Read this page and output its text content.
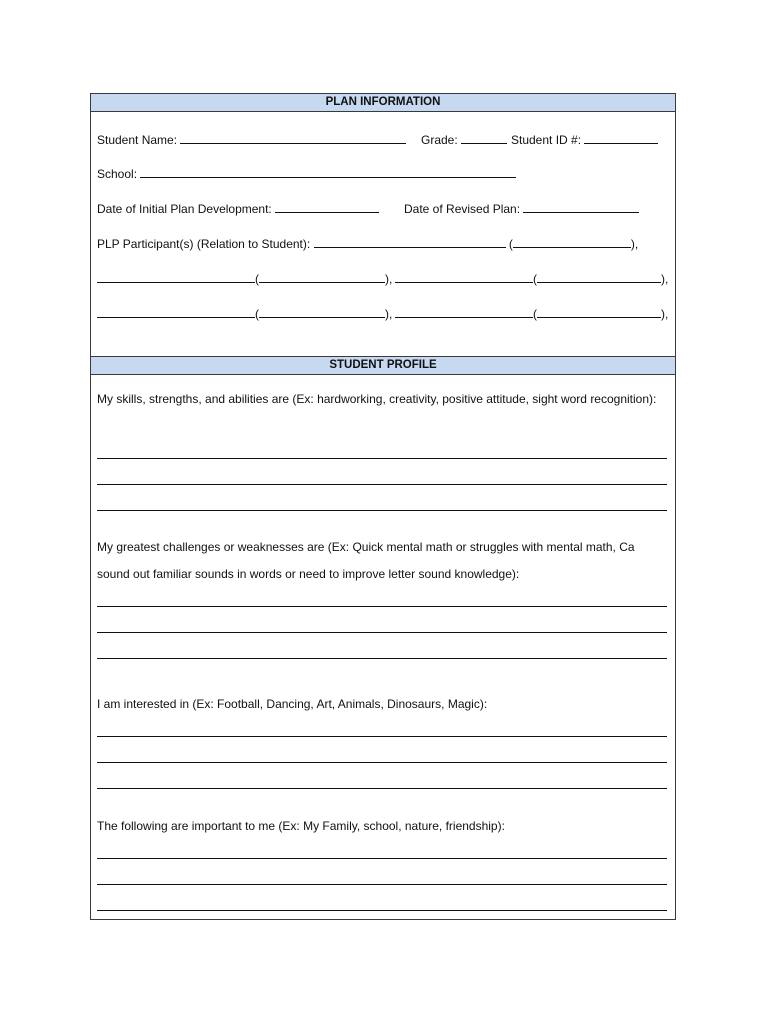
PLAN INFORMATION
Student Name:	Grade:	Student ID #:
School:
Date of Initial Plan Development:	Date of Revised Plan:
PLP Participant(s) (Relation to Student):	(	),
(	),	(	),
(	),	(	),
STUDENT PROFILE
My skills, strengths, and abilities are (Ex: hardworking, creativity, positive attitude, sight word recognition):
My greatest challenges or weaknesses are (Ex: Quick mental math or struggles with mental math, Ca sound out familiar sounds in words or need to improve letter sound knowledge):
I am interested in (Ex: Football, Dancing, Art, Animals, Dinosaurs, Magic):
The following are important to me (Ex: My Family, school, nature, friendship):
